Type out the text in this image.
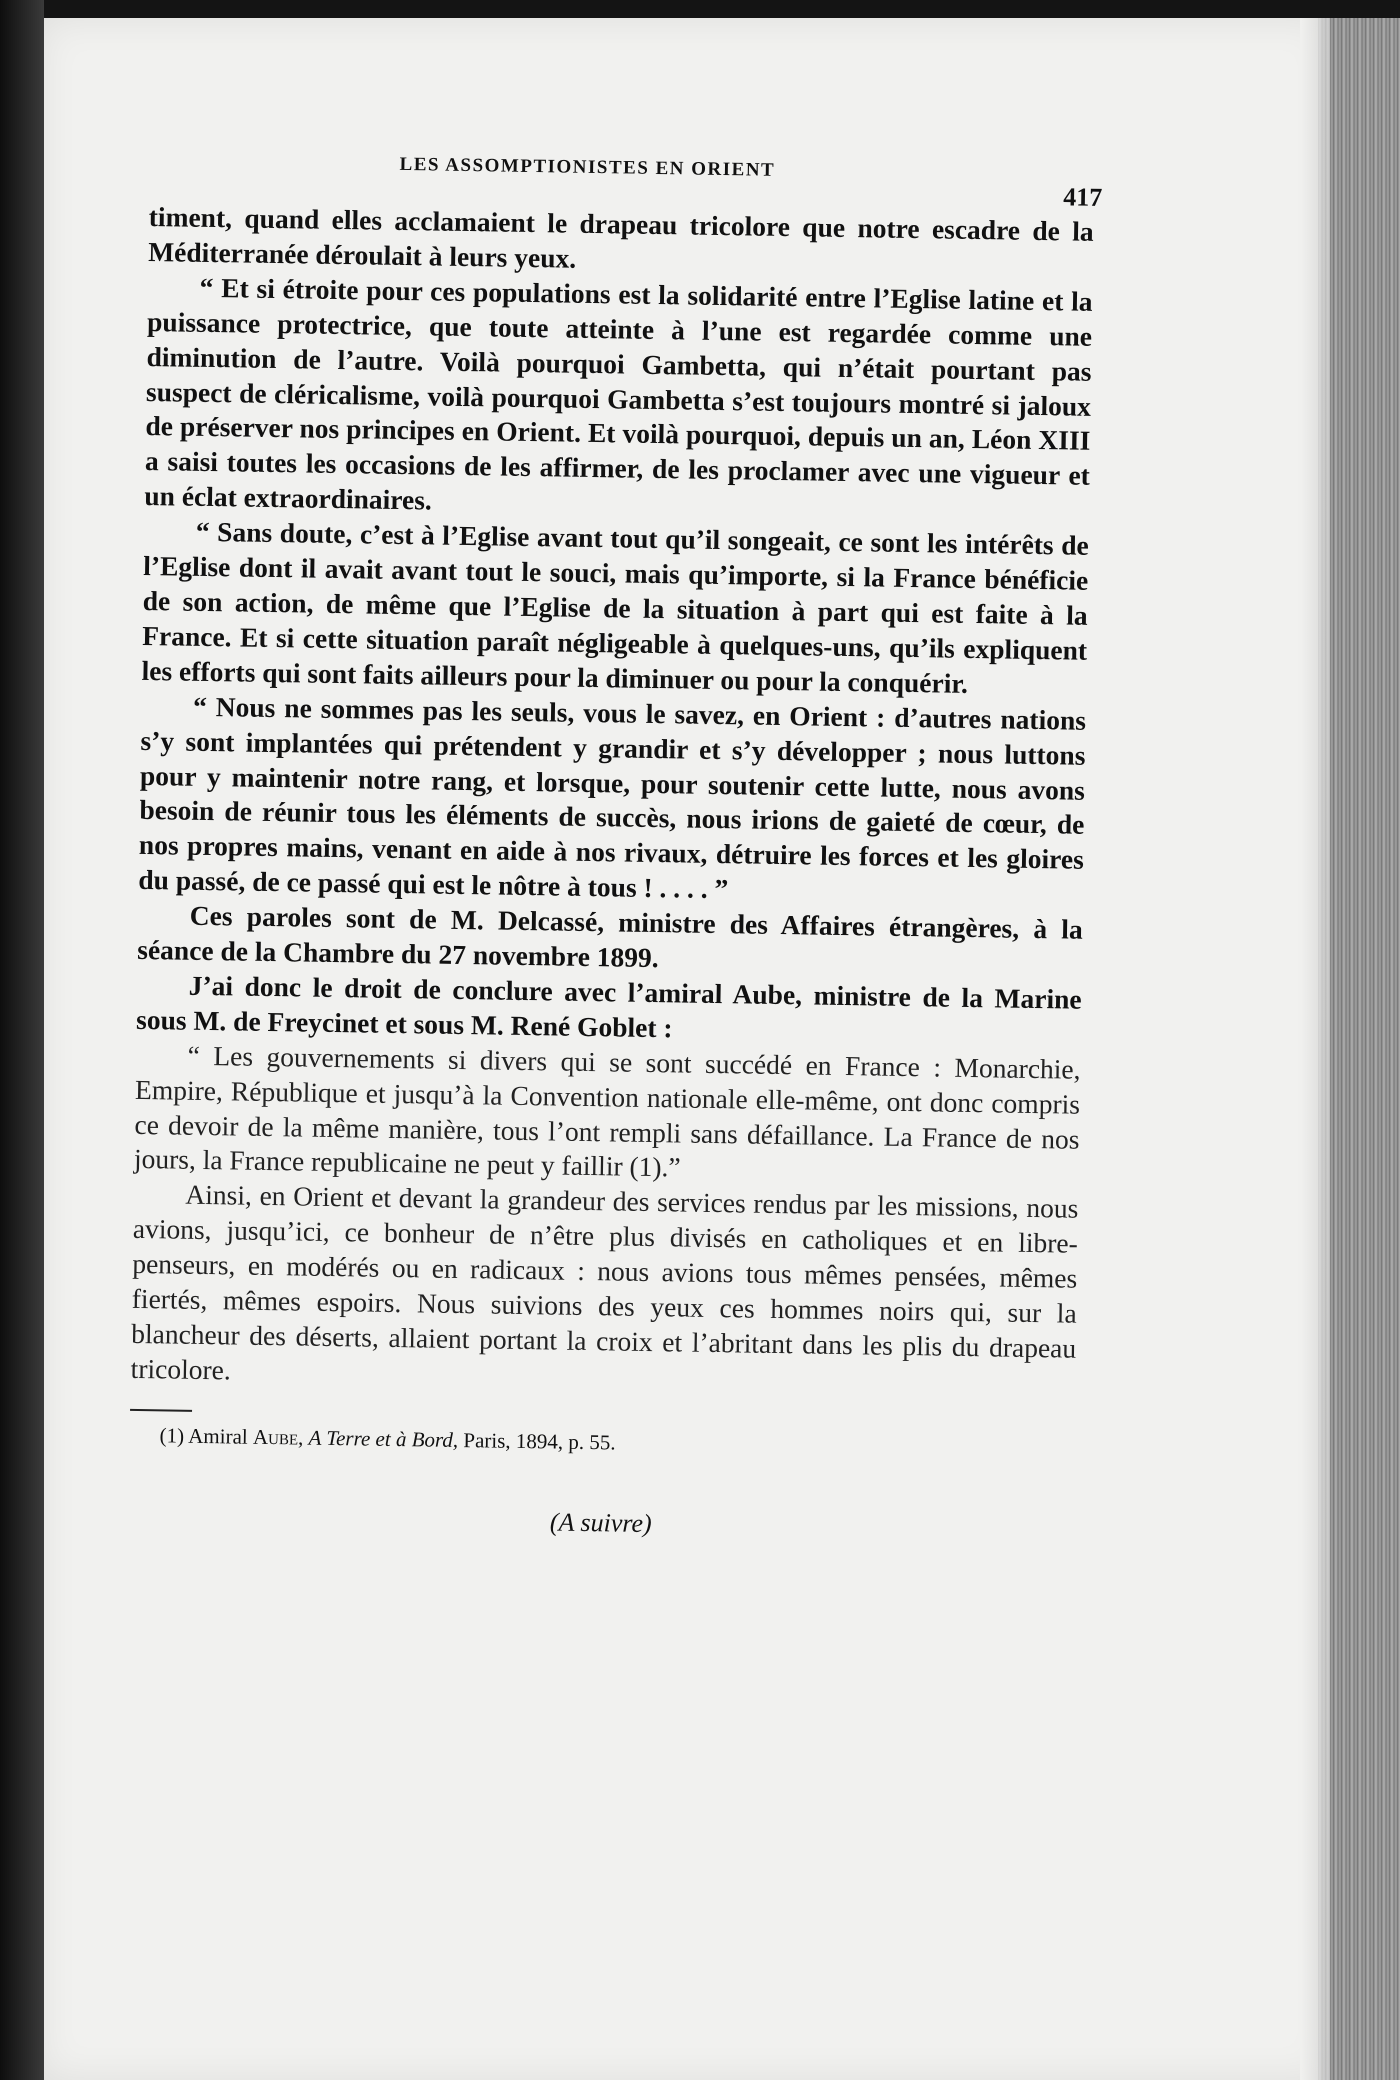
LES ASSOMPTIONISTES EN ORIENT
417

timent, quand elles acclamaient le drapeau tricolore que notre escadre de la Méditerranée déroulait à leurs yeux.

“ Et si étroite pour ces populations est la solidarité entre l’Eglise latine et la puissance protectrice, que toute atteinte à l’une est regardée comme une diminution de l’autre. Voilà pourquoi Gambetta, qui n’était pourtant pas suspect de cléricalisme, voilà pourquoi Gambetta s’est toujours montré si jaloux de préserver nos principes en Orient. Et voilà pourquoi, depuis un an, Léon XIII a saisi toutes les occasions de les affirmer, de les proclamer avec une vigueur et un éclat extraordinaires.

“ Sans doute, c’est à l’Eglise avant tout qu’il songeait, ce sont les intérêts de l’Eglise dont il avait avant tout le souci, mais qu’importe, si la France bénéficie de son action, de même que l’Eglise de la situation à part qui est faite à la France. Et si cette situation paraît négligeable à quelques-uns, qu’ils expliquent les efforts qui sont faits ailleurs pour la diminuer ou pour la conquérir.

“ Nous ne sommes pas les seuls, vous le savez, en Orient : d’autres nations s’y sont implantées qui prétendent y grandir et s’y développer ; nous luttons pour y maintenir notre rang, et lorsque, pour soutenir cette lutte, nous avons besoin de réunir tous les éléments de succès, nous irions de gaieté de cœur, de nos propres mains, venant en aide à nos rivaux, détruire les forces et les gloires du passé, de ce passé qui est le nôtre à tous ! . . . . ”

Ces paroles sont de M. Delcassé, ministre des Affaires étrangères, à la séance de la Chambre du 27 novembre 1899.

J’ai donc le droit de conclure avec l’amiral Aube, ministre de la Marine sous M. de Freycinet et sous M. René Goblet :

“ Les gouvernements si divers qui se sont succédé en France : Monarchie, Empire, République et jusqu’à la Convention nationale elle-même, ont donc compris ce devoir de la même manière, tous l’ont rempli sans défaillance. La France de nos jours, la France republicaine ne peut y faillir (1).”

Ainsi, en Orient et devant la grandeur des services rendus par les missions, nous avions, jusqu’ici, ce bonheur de n’être plus divisés en catholiques et en libre-penseurs, en modérés ou en radicaux : nous avions tous mêmes pensées, mêmes fiertés, mêmes espoirs. Nous suivions des yeux ces hommes noirs qui, sur la blancheur des déserts, allaient portant la croix et l’abritant dans les plis du drapeau tricolore.

(1) Amiral Aube, A Terre et à Bord, Paris, 1894, p. 55.

(A suivre)
